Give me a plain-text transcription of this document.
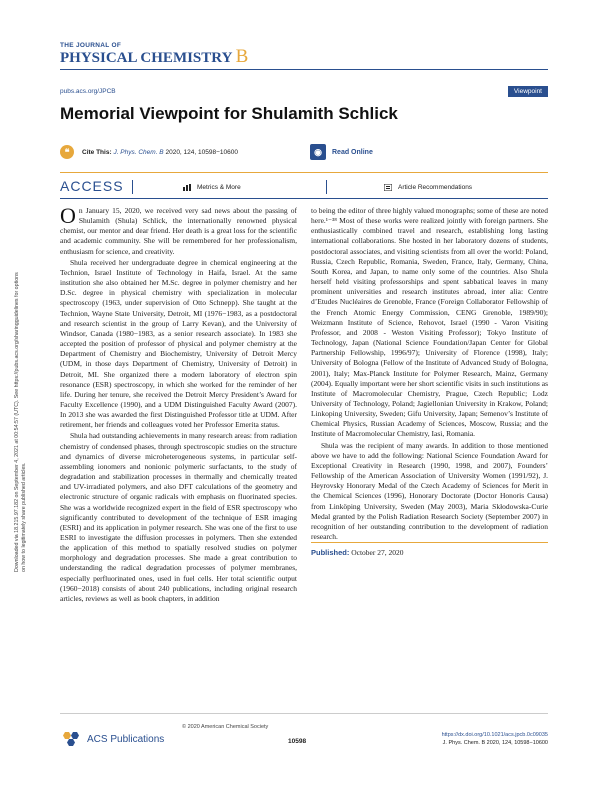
THE JOURNAL OF
PHYSICAL CHEMISTRY B
pubs.acs.org/JPCB	Viewpoint
Memorial Viewpoint for Shulamith Schlick
❝	Cite This: J. Phys. Chem. B 2020, 124, 10598−10600	◉	Read Online
ACCESS	Metrics & More	Article Recommendations
Downloaded via 18.215.97.182 on September 4, 2021 at 00:54:57 (UTC). See https://pubs.acs.org/sharingguidelines for options on how to legitimately share published articles.

On January 15, 2020, we received very sad news about the passing of Shulamith (Shula) Schlick, the internationally renowned physical chemist, our mentor and dear friend. Her death is a great loss for the scientific and academic community. She will be remembered for her professionalism, enthusiasm for science, and creativity.

Shula received her undergraduate degree in chemical engineering at the Technion, Israel Institute of Technology in Haifa, Israel. At the same institution she also obtained her M.Sc. degree in polymer chemistry and her D.Sc. degree in physical chemistry with specialization in molecular spectroscopy (1963, under supervision of Otto Schnepp). She taught at the Technion, Wayne State University, Detroit, MI (1976−1983, as a postdoctoral and research scientist in the group of Larry Kevan), and the University of Windsor, Canada (1980−1983, as a senior research associate). In 1983 she accepted the position of professor of physical and polymer chemistry at the Department of Chemistry and Biochemistry, University of Detroit Mercy (UDM, in those days Department of Chemistry, University of Detroit) in Detroit, MI. She organized there a modern laboratory of electron spin resonance (ESR) spectroscopy, in which she worked for the reminder of her life. During her tenure, she received the Detroit Mercy President’s Award for Faculty Excellence (1990), and a UDM Distinguished Faculty Award (2007). In 2013 she was awarded the first Distinguished Professor title at UDM. After retirement, her friends and colleagues voted her Professor Emerita status.

Shula had outstanding achievements in many research areas: from radiation chemistry of condensed phases, through spectroscopic studies on the structure and dynamics of diverse microheterogeneous systems, in particular self-assembling ionomers and nonionic polymeric surfactants, to the study of degradation and stabilization processes in thermally and chemically treated and UV-irradiated polymers, and also DFT calculations of the geometry and electronic structure of organic radicals with emphasis on fluorinated species. She was a worldwide recognized expert in the field of ESR spectroscopy who significantly contributed to development of the technique of ESR imaging (ESRI) and its application in polymer research. She was one of the first to use ESRI to investigate the diffusion processes in polymers. Then she extended the application of this method to spatially resolved studies on polymer morphology and degradation processes. She made a great contribution to understanding the radical degradation processes of polymer membranes, especially perfluorinated ones, used in fuel cells. Her total scientific output (1960−2018) consists of about 240 publications, including original research articles, reviews as well as book chapters, in addition

to being the editor of three highly valued monographs; some of these are noted here.¹⁻³⁸ Most of these works were realized jointly with foreign partners. She enthusiastically combined travel and research, establishing long lasting international collaborations. She hosted in her laboratory dozens of students, postdoctoral associates, and visiting scientists from all over the world: Poland, Russia, Czech Republic, Romania, Sweden, France, Italy, Germany, China, South Korea, and Japan, to name only some of the countries. Also Shula herself held visiting professorships and spent sabbatical leaves in many prominent universities and research institutes abroad, inter alia: Centre d’Etudes Nucléaires de Grenoble, France (Foreign Collaborator Fellowship of the French Atomic Energy Commission, CENG Grenoble, 1989/90); Weizmann Institute of Science, Rehovot, Israel (1990 - Varon Visiting Professor, and 2008 - Weston Visiting Professor); Tokyo Institute of Technology, Japan (National Science Foundation/Japan Center for Global Partnership Fellowship, 1996/97); University of Florence (1998), Italy; University of Bologna (Fellow of the Institute of Advanced Study of Bologna, 2001), Italy; Max-Planck Institute for Polymer Research, Mainz, Germany (2004). Equally important were her short scientific visits in such institutions as Institute of Macromolecular Chemistry, Prague, Czech Republic; Lodz University of Technology, Poland; Jagiellonian University in Krakow, Poland; Linkoping University, Sweden; Gifu University, Japan; Semenov’s Institute of Chemical Physics, Russian Academy of Sciences, Moscow, Russia; and the Institute of Macromolecular Chemistry, Iasi, Romania.

Shula was the recipient of many awards. In addition to those mentioned above we have to add the following: National Science Foundation Award for Exceptional Creativity in Research (1990, 1998, and 2007), Founders’ Fellowship of the American Association of University Women (1991/92), J. Heyrovsky Honorary Medal of the Czech Academy of Sciences for Merit in the Chemical Sciences (1996), Honorary Doctorate (Doctor Honoris Causa) from Linköping University, Sweden (May 2003), Maria Skłodowska-Curie Medal granted by the Polish Radiation Research Society (September 2007) in recognition of her outstanding contribution to the development of radiation research.

Published: October 27, 2020
ACS Publications
© 2020 American Chemical Society
10598
https://dx.doi.org/10.1021/acs.jpcb.0c09035
J. Phys. Chem. B 2020, 124, 10598−10600
